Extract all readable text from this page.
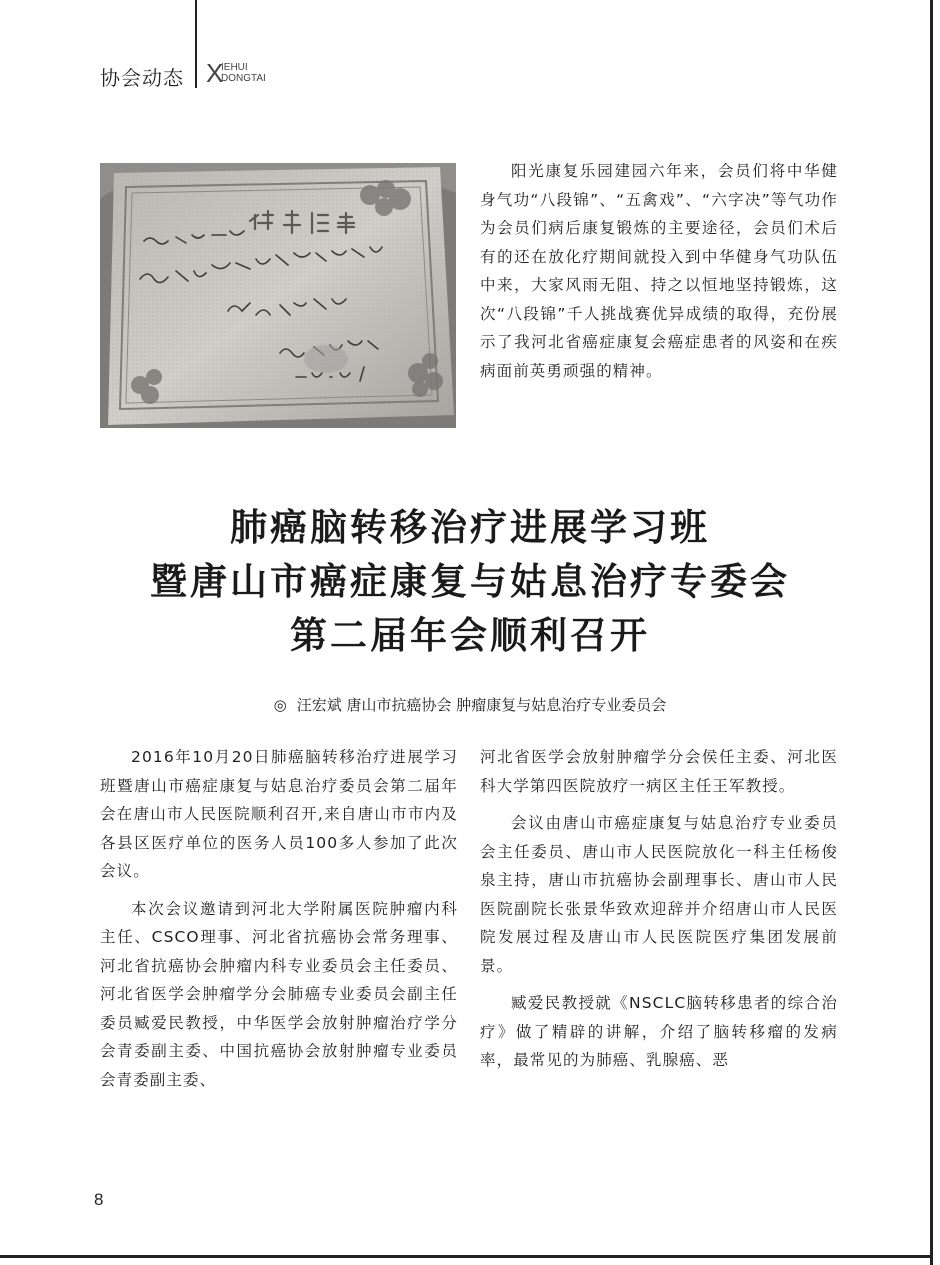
协会动态 X
IEHUI
DONGTAI

阳光康复乐园建园六年来，会员们将中华健身气功“八段锦”、“五禽戏”、“六字决”等气功作为会员们病后康复锻炼的主要途径，会员们术后有的还在放化疗期间就投入到中华健身气功队伍中来，大家风雨无阻、持之以恒地坚持锻炼，这次“八段锦”千人挑战赛优异成绩的取得，充份展示了我河北省癌症康复会癌症患者的风姿和在疾病面前英勇顽强的精神。

肺癌脑转移治疗进展学习班
暨唐山市癌症康复与姑息治疗专委会
第二届年会顺利召开
◎ 汪宏斌 唐山市抗癌协会 肿瘤康复与姑息治疗专业委员会

2016年10月20日肺癌脑转移治疗进展学习班暨唐山市癌症康复与姑息治疗委员会第二届年会在唐山市人民医院顺利召开,来自唐山市市内及各县区医疗单位的医务人员100多人参加了此次会议。

本次会议邀请到河北大学附属医院肿瘤内科主任、CSCO理事、河北省抗癌协会常务理事、河北省抗癌协会肿瘤内科专业委员会主任委员、河北省医学会肿瘤学分会肺癌专业委员会副主任委员臧爱民教授，中华医学会放射肿瘤治疗学分会青委副主委、中国抗癌协会放射肿瘤专业委员会青委副主委、

河北省医学会放射肿瘤学分会侯任主委、河北医科大学第四医院放疗一病区主任王军教授。

会议由唐山市癌症康复与姑息治疗专业委员会主任委员、唐山市人民医院放化一科主任杨俊泉主持，唐山市抗癌协会副理事长、唐山市人民医院副院长张景华致欢迎辞并介绍唐山市人民医院发展过程及唐山市人民医院医疗集团发展前景。

臧爱民教授就《NSCLC脑转移患者的综合治疗》做了精辟的讲解，介绍了脑转移瘤的发病率，最常见的为肺癌、乳腺癌、恶

8
